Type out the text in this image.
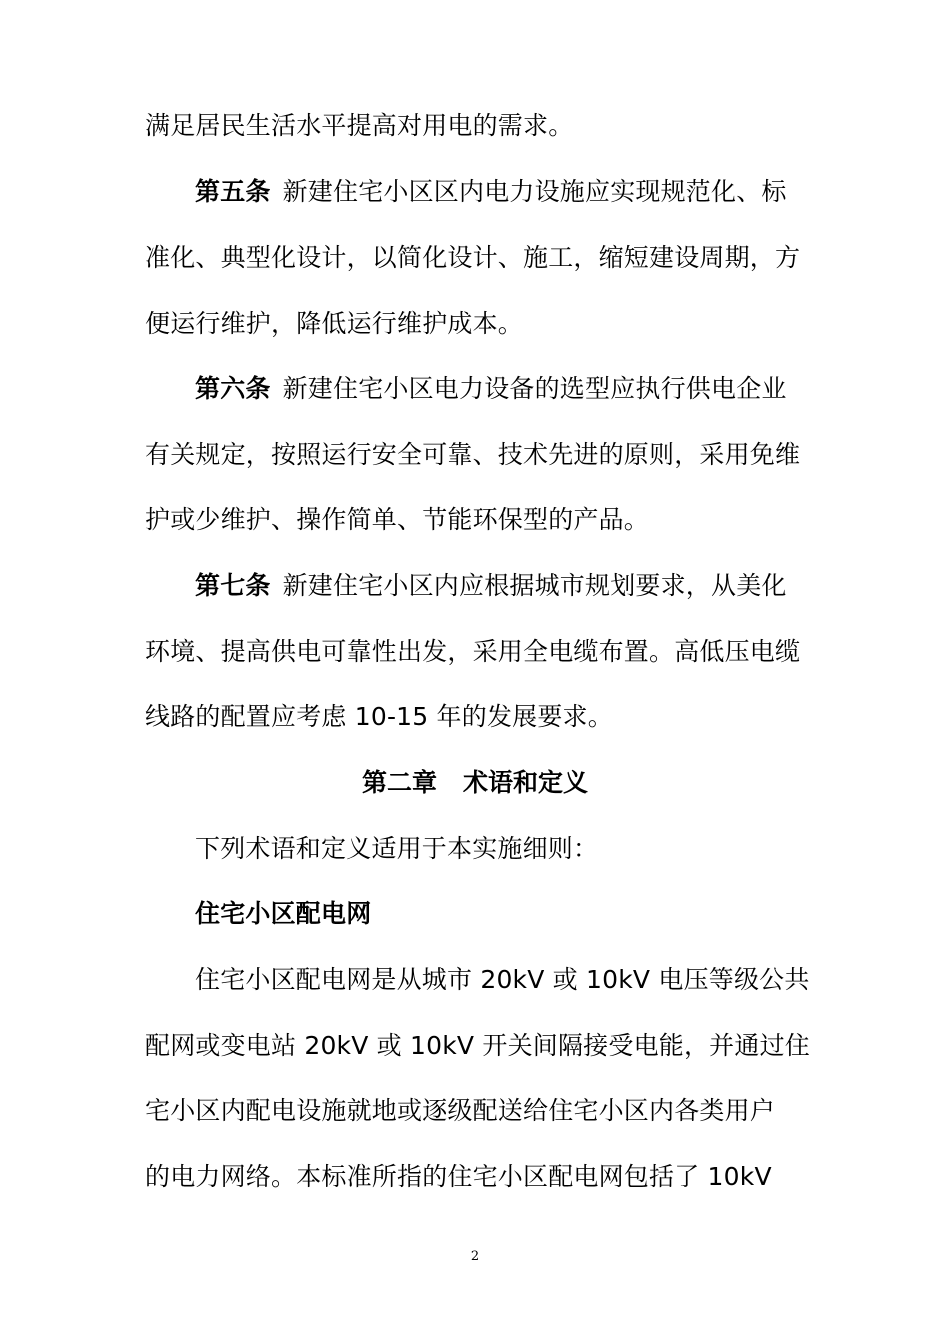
满足居民生活水平提高对用电的需求。
第五条 新建住宅小区区内电力设施应实现规范化、标
准化、典型化设计，以简化设计、施工，缩短建设周期，方
便运行维护，降低运行维护成本。
第六条 新建住宅小区电力设备的选型应执行供电企业
有关规定，按照运行安全可靠、技术先进的原则，采用免维
护或少维护、操作简单、节能环保型的产品。
第七条 新建住宅小区内应根据城市规划要求，从美化
环境、提高供电可靠性出发，采用全电缆布置。高低压电缆
线路的配置应考虑 10-15 年的发展要求。
第二章 术语和定义
下列术语和定义适用于本实施细则：
住宅小区配电网
住宅小区配电网是从城市 20kV 或 10kV 电压等级公共
配网或变电站 20kV 或 10kV 开关间隔接受电能，并通过住
宅小区内配电设施就地或逐级配送给住宅小区内各类用户
的电力网络。本标准所指的住宅小区配电网包括了 10kV
2
